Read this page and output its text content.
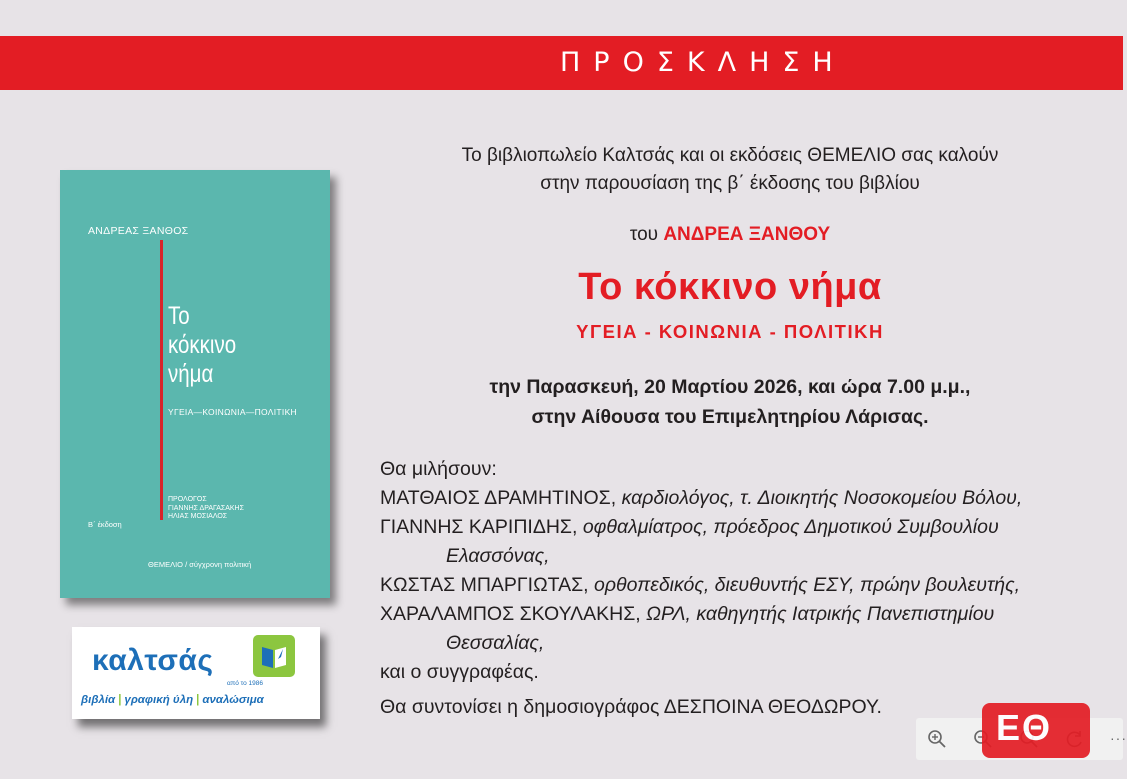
ΠΡΟΣΚΛΗΣΗ
ΑΝΔΡΕΑΣ ΞΑΝΘΟΣ
Το
κόκκινο
νήμα
ΥΓΕΙΑ—ΚΟΙΝΩΝΙΑ—ΠΟΛΙΤΙΚΗ
ΠΡΟΛΟΓΟΣ
ΓΙΑΝΝΗΣ ΔΡΑΓΑΣΑΚΗΣ
ΗΛΙΑΣ ΜΟΣΙΑΛΟΣ
Β΄ έκδοση
ΘΕΜΕΛΙΟ / σύγχρονη πολιτική
καλτσάς
από το 1986
βιβλία | γραφική ύλη | αναλώσιμα
Το βιβλιοπωλείο Καλτσάς και οι εκδόσεις ΘΕΜΕΛΙΟ σας καλούν
στην παρουσίαση της β΄ έκδοσης του βιβλίου
του ΑΝΔΡΕΑ ΞΑΝΘΟΥ
Το κόκκινο νήμα
ΥΓΕΙΑ - ΚΟΙΝΩΝΙΑ - ΠΟΛΙΤΙΚΗ
την Παρασκευή, 20 Μαρτίου 2026, και ώρα 7.00 μ.μ.,
στην Αίθουσα του Επιμελητηρίου Λάρισας.
Θα μιλήσουν:
ΜΑΤΘΑΙΟΣ ΔΡΑΜΗΤΙΝΟΣ, καρδιολόγος, τ. Διοικητής Νοσοκομείου Βόλου,
ΓΙΑΝΝΗΣ ΚΑΡΙΠΙΔΗΣ, οφθαλμίατρος, πρόεδρος Δημοτικού Συμβουλίου
Ελασσόνας,
ΚΩΣΤΑΣ ΜΠΑΡΓΙΩΤΑΣ, ορθοπεδικός, διευθυντής ΕΣΥ, πρώην βουλευτής,
ΧΑΡΑΛΑΜΠΟΣ ΣΚΟΥΛΑΚΗΣ, ΩΡΛ, καθηγητής Ιατρικής Πανεπιστημίου
Θεσσαλίας,
και ο συγγραφέας.
Θα συντονίσει η δημοσιογράφος ΔΕΣΠΟΙΝΑ ΘΕΟΔΩΡΟΥ.
···
ΕΘ
